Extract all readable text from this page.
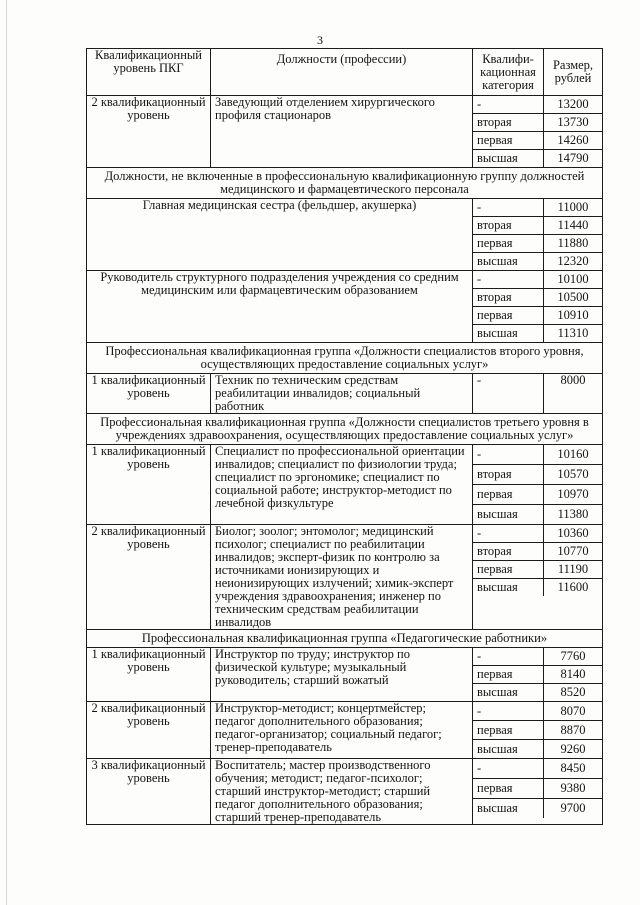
3
Квалификационный уровень ПКГ	Должности (профессии)		Квалифи-кационная категория	Размер, рублей

2 квалификационный уровень	Заведующий отделением хирургического профиля стационаров	
-	13200
вторая	13730
первая	14260
высшая	14790

Должности, не включенные в профессиональную квалификационную группу должностей медицинского и фармацевтического персонала
Главная медицинская сестра (фельдшер, акушерка)		-	11000
вторая	11440
первая	11880
высшая	12320

Руководитель структурного подразделения учреждения со средним медицинским или фармацевтическим образованием	
-	10100
вторая	10500
первая	10910
высшая	11310

Профессиональная квалификационная группа «Должности специалистов второго уровня, осуществляющих предоставление социальных услуг»
1 квалификационный уровень	Техник по техническим средствам реабилитации инвалидов; социальный работник	
-	8000

Профессиональная квалификационная группа «Должности специалистов третьего уровня в учреждениях здравоохранения, осуществляющих предоставление социальных услуг»
1 квалификационный уровень	Специалист по профессиональной ориентации инвалидов; специалист по физиологии труда; специалист по эргономике; специалист по социальной работе; инструктор-методист по лечебной физкультуре	
-	10160
вторая	10570
первая	10970
высшая	11380

2 квалификационный уровень	Биолог; зоолог; энтомолог; медицинский психолог; специалист по реабилитации инвалидов; эксперт-физик по контролю за источниками ионизирующих и неионизирующих излучений; химик-эксперт учреждения здравоохранения; инженер по техническим средствам реабилитации инвалидов	
-	10360
вторая	10770
первая	11190
высшая	11600

Профессиональная квалификационная группа «Педагогические работники»
1 квалификационный уровень	Инструктор по труду; инструктор по физической культуре; музыкальный руководитель; старший вожатый	
-	7760
первая	8140
высшая	8520

2 квалификационный уровень	Инструктор-методист; концертмейстер; педагог дополнительного образования; педагог-организатор; социальный педагог; тренер-преподаватель	
-	8070
первая	8870
высшая	9260

3 квалификационный уровень	Воспитатель; мастер производственного обучения; методист; педагог-психолог; старший инструктор-методист; старший педагог дополнительного образования; старший тренер-преподаватель	
-	8450
первая	9380
высшая	9700
